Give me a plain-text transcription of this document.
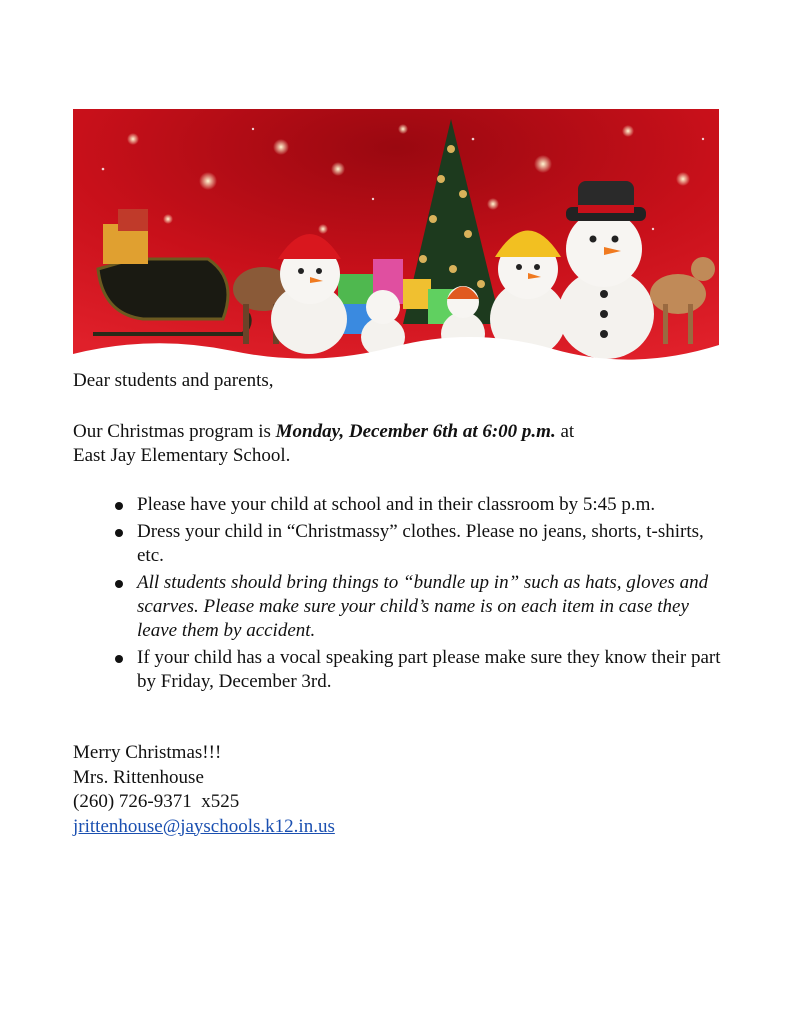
Dear students and parents,
Our Christmas program is Monday, December 6th at 6:00 p.m. at
East Jay Elementary School.
Please have your child at school and in their classroom by 5:45 p.m.
Dress your child in “Christmassy” clothes. Please no jeans, shorts, t-shirts, etc.
All students should bring things to “bundle up in” such as hats, gloves and scarves. Please make sure your child’s name is on each item in case they leave them by accident.
If your child has a vocal speaking part please make sure they know their part by Friday, December 3rd.
Merry Christmas!!!
Mrs. Rittenhouse
(260) 726-9371  x525
jrittenhouse@jayschools.k12.in.us
